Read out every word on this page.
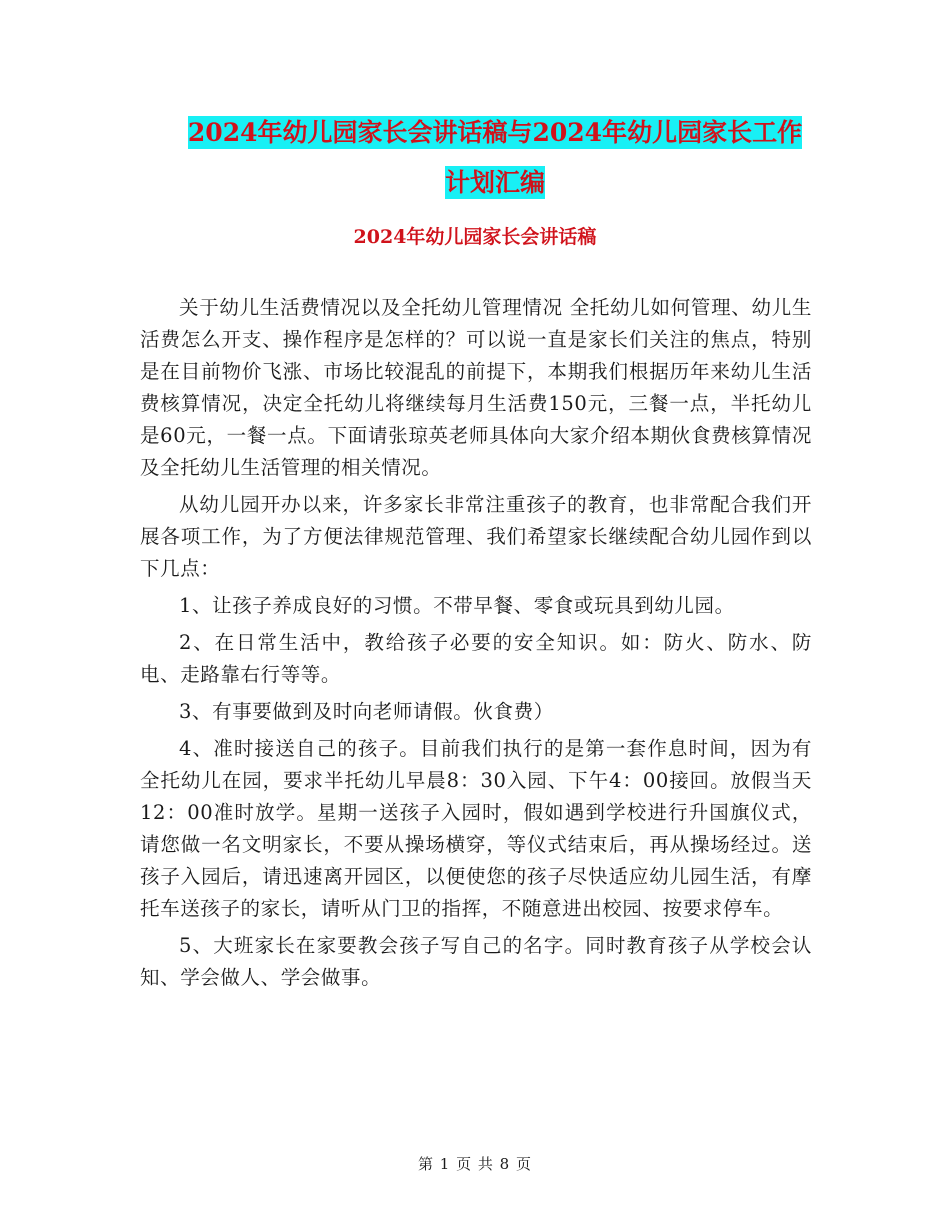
2024年幼儿园家长会讲话稿与2024年幼儿园家长工作
计划汇编
2024年幼儿园家长会讲话稿

关于幼儿生活费情况以及全托幼儿管理情况 全托幼儿如何管理、幼儿生活费怎么开支、操作程序是怎样的？可以说一直是家长们关注的焦点，特别是在目前物价飞涨、市场比较混乱的前提下，本期我们根据历年来幼儿生活费核算情况，决定全托幼儿将继续每月生活费150元，三餐一点，半托幼儿是60元，一餐一点。下面请张琼英老师具体向大家介绍本期伙食费核算情况及全托幼儿生活管理的相关情况。

从幼儿园开办以来，许多家长非常注重孩子的教育，也非常配合我们开展各项工作，为了方便法律规范管理、我们希望家长继续配合幼儿园作到以下几点：

1、让孩子养成良好的习惯。不带早餐、零食或玩具到幼儿园。

2、在日常生活中，教给孩子必要的安全知识。如：防火、防水、防电、走路靠右行等等。

3、有事要做到及时向老师请假。伙食费）

4、准时接送自己的孩子。目前我们执行的是第一套作息时间，因为有全托幼儿在园，要求半托幼儿早晨8：30入园、下午4：00接回。放假当天12：00准时放学。星期一送孩子入园时，假如遇到学校进行升国旗仪式，请您做一名文明家长，不要从操场横穿，等仪式结束后，再从操场经过。送孩子入园后，请迅速离开园区，以便使您的孩子尽快适应幼儿园生活，有摩托车送孩子的家长，请听从门卫的指挥，不随意进出校园、按要求停车。

5、大班家长在家要教会孩子写自己的名字。同时教育孩子从学校会认知、学会做人、学会做事。

第 1 页 共 8 页
